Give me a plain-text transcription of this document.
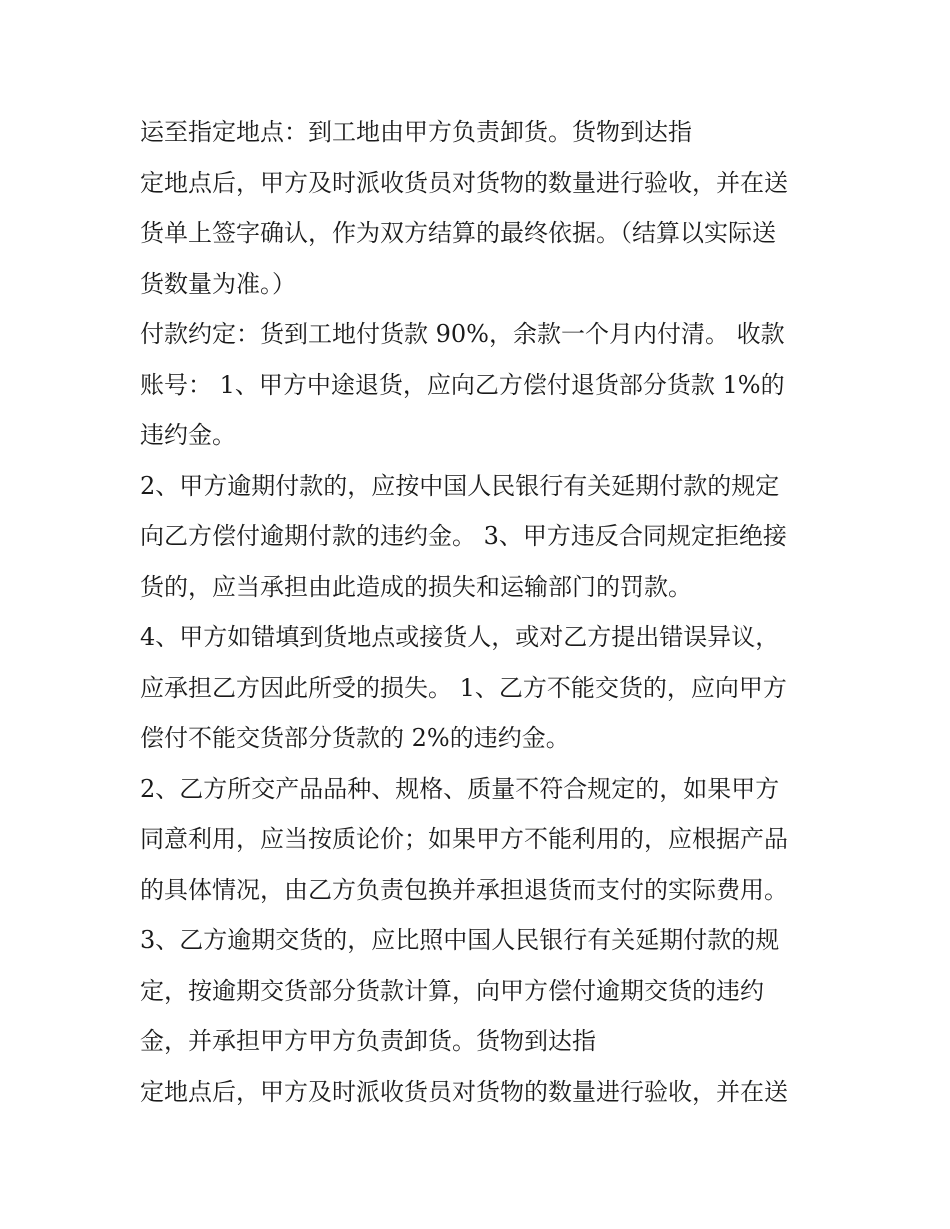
运至指定地点：到工地由甲方负责卸货。货物到达指
定地点后，甲方及时派收货员对货物的数量进行验收，并在送
货单上签字确认，作为双方结算的最终依据。（结算以实际送
货数量为准。）
付款约定：货到工地付货款 90%，余款一个月内付清。 收款
账号： 1、甲方中途退货，应向乙方偿付退货部分货款 1%的
违约金。
2、甲方逾期付款的，应按中国人民银行有关延期付款的规定
向乙方偿付逾期付款的违约金。 3、甲方违反合同规定拒绝接
货的，应当承担由此造成的损失和运输部门的罚款。
4、甲方如错填到货地点或接货人，或对乙方提出错误异议，
应承担乙方因此所受的损失。 1、乙方不能交货的，应向甲方
偿付不能交货部分货款的 2%的违约金。
2、乙方所交产品品种、规格、质量不符合规定的，如果甲方
同意利用，应当按质论价；如果甲方不能利用的，应根据产品
的具体情况，由乙方负责包换并承担退货而支付的实际费用。
3、乙方逾期交货的，应比照中国人民银行有关延期付款的规
定，按逾期交货部分货款计算，向甲方偿付逾期交货的违约
金，并承担甲方甲方负责卸货。货物到达指
定地点后，甲方及时派收货员对货物的数量进行验收，并在送
